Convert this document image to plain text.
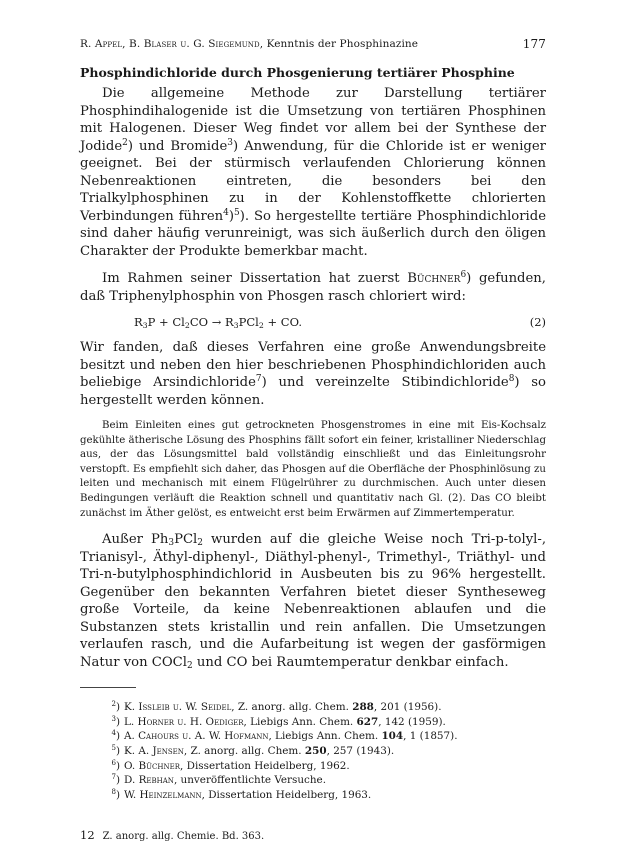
R. Appel, B. Blaser u. G. Siegemund, Kenntnis der Phosphinazine	177
Phosphindichloride durch Phosgenierung tertiärer Phosphine

Die allgemeine Methode zur Darstellung tertiärer Phosphindihalogenide ist die Umsetzung von tertiären Phosphinen mit Halogenen. Dieser Weg findet vor allem bei der Synthese der Jodide$^2$) und Bromide$^3$) Anwendung, für die Chloride ist er weniger geeignet. Bei der stürmisch verlaufenden Chlorierung können Nebenreaktionen eintreten, die besonders bei den Trialkylphosphinen zu in der Kohlenstoffkette chlorierten Verbindungen führen$^4$)$^5$). So hergestellte tertiäre Phosphindichloride sind daher häufig verunreinigt, was sich äußerlich durch den öligen Charakter der Produkte bemerkbar macht.

Im Rahmen seiner Dissertation hat zuerst Büchner$^6$) gefunden, daß Triphenylphosphin von Phosgen rasch chloriert wird:

$R_3P + Cl_2CO \to R_3PCl_2$ + CO.	(2)

Wir fanden, daß dieses Verfahren eine große Anwendungsbreite besitzt und neben den hier beschriebenen Phosphindichloriden auch beliebige Arsindichloride$^7$) und vereinzelte Stibindichloride$^8$) so hergestellt werden können.

Beim Einleiten eines gut getrockneten Phosgenstromes in eine mit Eis-Kochsalz gekühlte ätherische Lösung des Phosphins fällt sofort ein feiner, kristalliner Niederschlag aus, der das Lösungsmittel bald vollständig einschließt und das Einleitungsrohr verstopft. Es empfiehlt sich daher, das Phosgen auf die Oberfläche der Phosphinlösung zu leiten und mechanisch mit einem Flügelrührer zu durchmischen. Auch unter diesen Bedingungen verläuft die Reaktion schnell und quantitativ nach Gl. (2). Das CO bleibt zunächst im Äther gelöst, es entweicht erst beim Erwärmen auf Zimmertemperatur.

Außer $Ph_3PCl_2$ wurden auf die gleiche Weise noch Tri-p-tolyl-, Trianisyl-, Äthyl-diphenyl-, Diäthyl-phenyl-, Trimethyl-, Triäthyl- und Tri-n-butylphosphindichlorid in Ausbeuten bis zu 96% hergestellt. Gegenüber den bekannten Verfahren bietet dieser Syntheseweg große Vorteile, da keine Nebenreaktionen ablaufen und die Substanzen stets kristallin und rein anfallen. Die Umsetzungen verlaufen rasch, und die Aufarbeitung ist wegen der gasförmigen Natur von COCl$_2$ und CO bei Raumtemperatur denkbar einfach.

$^2$) K. Issleib u. W. Seidel, Z. anorg. allg. Chem. 288, 201 (1956).
$^3$) L. Horner u. H. Oediger, Liebigs Ann. Chem. 627, 142 (1959).
$^4$) A. Cahours u. A. W. Hofmann, Liebigs Ann. Chem. 104, 1 (1857).
$^5$) K. A. Jensen, Z. anorg. allg. Chem. 250, 257 (1943).
$^6$) O. Büchner, Dissertation Heidelberg, 1962.
$^7$) D. Rebhan, unveröffentlichte Versuche.
$^8$) W. Heinzelmann, Dissertation Heidelberg, 1963.
12 Z. anorg. allg. Chemie. Bd. 363.
